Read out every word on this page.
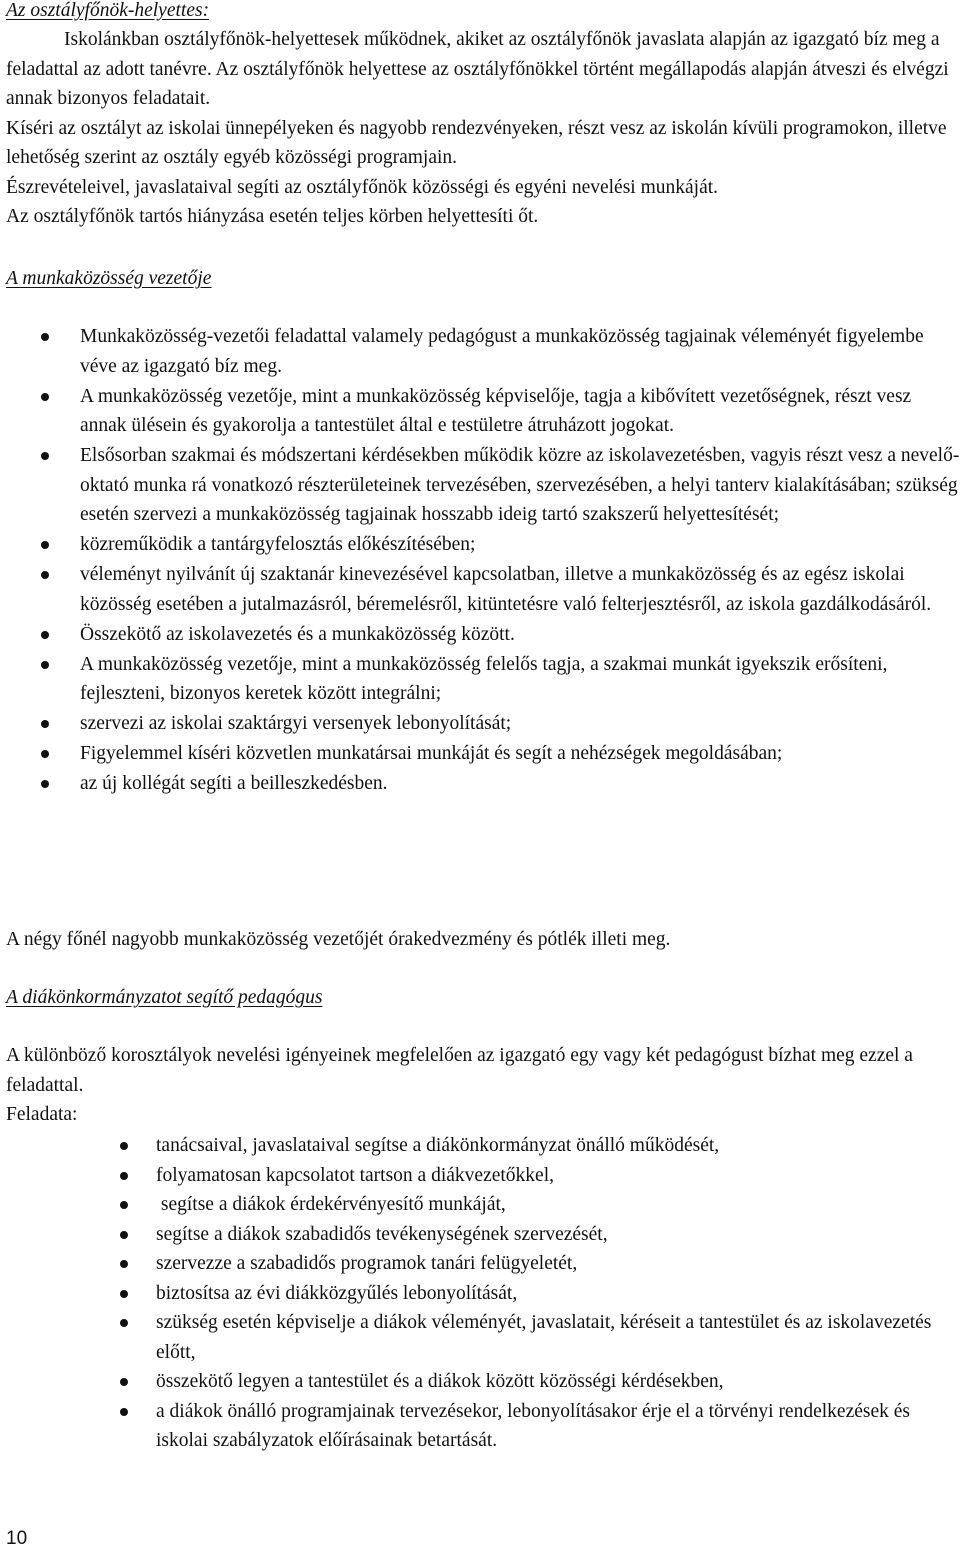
Az osztályfőnök-helyettes:

Iskolánkban osztályfőnök-helyettesek működnek, akiket az osztályfőnök javaslata alapján az igazgató bíz meg a feladattal az adott tanévre. Az osztályfőnök helyettese az osztályfőnökkel történt megállapodás alapján átveszi és elvégzi annak bizonyos feladatait.

Kíséri az osztályt az iskolai ünnepélyeken és nagyobb rendezvényeken, részt vesz az iskolán kívüli programokon, illetve lehetőség szerint az osztály egyéb közösségi programjain.

Észrevételeivel, javaslataival segíti az osztályfőnök közösségi és egyéni nevelési munkáját.

Az osztályfőnök tartós hiányzása esetén teljes körben helyettesíti őt.

A munkaközösség vezetője
Munkaközösség-vezetői feladattal valamely pedagógust a munkaközösség tagjainak véleményét figyelembe véve az igazgató bíz meg.
A munkaközösség vezetője, mint a munkaközösség képviselője, tagja a kibővített vezetőségnek, részt vesz annak ülésein és gyakorolja a tantestület által e testületre átruházott jogokat.
Elsősorban szakmai és módszertani kérdésekben működik közre az iskolavezetésben, vagyis részt vesz a nevelő-oktató munka rá vonatkozó részterületeinek tervezésében, szervezésében, a helyi tanterv kialakításában; szükség esetén szervezi a munkaközösség tagjainak hosszabb ideig tartó szakszerű helyettesítését;
közreműködik a tantárgyfelosztás előkészítésében;
véleményt nyilvánít új szaktanár kinevezésével kapcsolatban, illetve a munkaközösség és az egész iskolai közösség esetében a jutalmazásról, béremelésről, kitüntetésre való felterjesztésről, az iskola gazdálkodásáról.
Összekötő az iskolavezetés és a munkaközösség között.
A munkaközösség vezetője, mint a munkaközösség felelős tagja, a szakmai munkát igyekszik erősíteni, fejleszteni, bizonyos keretek között integrálni;
szervezi az iskolai szaktárgyi versenyek lebonyolítását;
Figyelemmel kíséri közvetlen munkatársai munkáját és segít a nehézségek megoldásában;
az új kollégát segíti a beilleszkedésben.
A négy főnél nagyobb munkaközösség vezetőjét órakedvezmény és pótlék illeti meg.
A diákönkormányzatot segítő pedagógus

A különböző korosztályok nevelési igényeinek megfelelően az igazgató egy vagy két pedagógust bízhat meg ezzel a feladattal.

Feladata:

tanácsaival, javaslataival segítse a diákönkormányzat önálló működését,
folyamatosan kapcsolatot tartson a diákvezetőkkel,
segítse a diákok érdekérvényesítő munkáját,
segítse a diákok szabadidős tevékenységének szervezését,
szervezze a szabadidős programok tanári felügyeletét,
biztosítsa az évi diákközgyűlés lebonyolítását,
szükség esetén képviselje a diákok véleményét, javaslatait, kéréseit a tantestület és az iskolavezetés előtt,
összekötő legyen a tantestület és a diákok között közösségi kérdésekben,
a diákok önálló programjainak tervezésekor, lebonyolításakor érje el a törvényi rendelkezések és iskolai szabályzatok előírásainak betartását.
10
